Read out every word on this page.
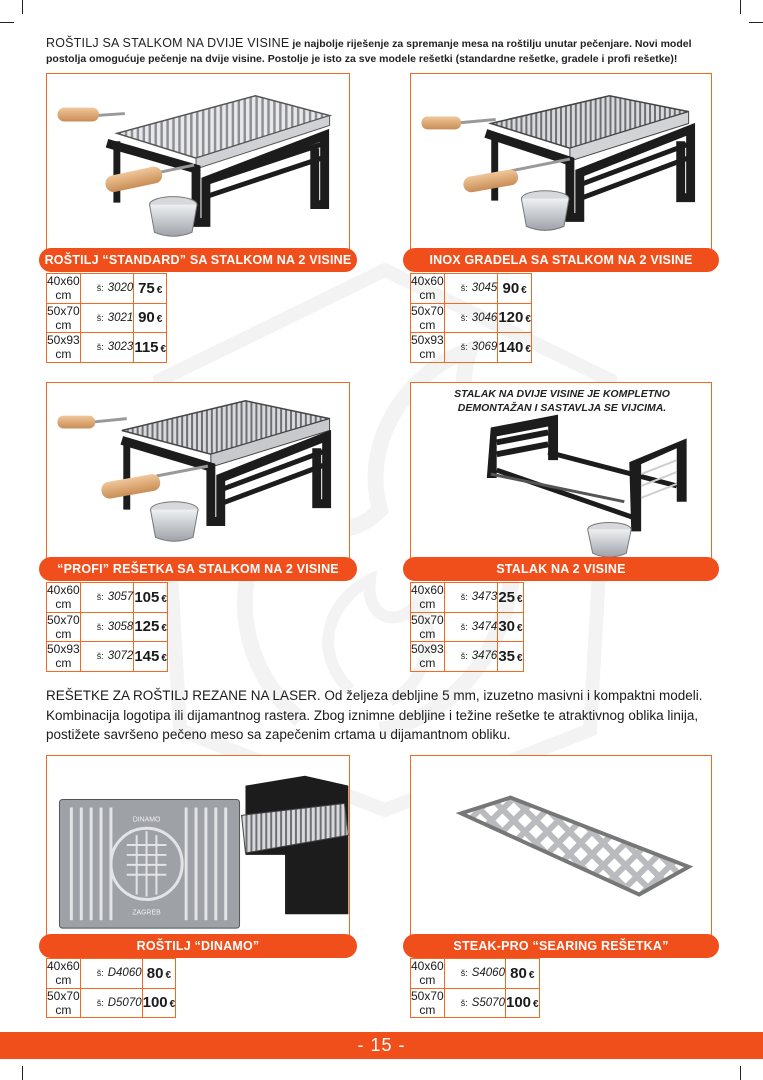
ROŠTILJ SA STALKOM NA DVIJE VISINE je najbolje riješenje za spremanje mesa na roštilju unutar pečenjare. Novi model postolja omogućuje pečenje na dvije visine. Postolje je isto za sve modele rešetki (standardne rešetke, gradele i profi rešetke)!
ROŠTILJ “STANDARD” SA STALKOM NA 2 VISINE
40x60 cm	š: 3020	75 €
50x70 cm	š: 3021	90 €
50x93 cm	š: 3023	115 €
INOX GRADELA SA STALKOM NA 2 VISINE
40x60 cm	š: 3045	90 €
50x70 cm	š: 3046	120 €
50x93 cm	š: 3069	140 €
“PROFI” REŠETKA SA STALKOM NA 2 VISINE
40x60 cm	š: 3057	105 €
50x70 cm	š: 3058	125 €
50x93 cm	š: 3072	145 €
STALAK NA DVIJE VISINE JE KOMPLETNO DEMONTAŽAN I SASTAVLJA SE VIJCIMA.
STALAK NA 2 VISINE
40x60 cm	š: 3473	25 €
50x70 cm	š: 3474	30 €
50x93 cm	š: 3476	35 €
REŠETKE ZA ROŠTILJ REZANE NA LASER. Od željeza debljine 5 mm, izuzetno masivni i kompaktni modeli. Kombinacija logotipa ili dijamantnog rastera. Zbog iznimne debljine i težine rešetke te atraktivnog oblika linija, postižete savršeno pečeno meso sa zapečenim crtama u dijamantnom obliku.
DINAMO
ZAGREB
ROŠTILJ “DINAMO”
40x60 cm	š: D4060	80 €
50x70 cm	š: D5070	100 €
STEAK-PRO “SEARING REŠETKA”
40x60 cm	š: S4060	80 €
50x70 cm	š: S5070	100 €
- 15 -
